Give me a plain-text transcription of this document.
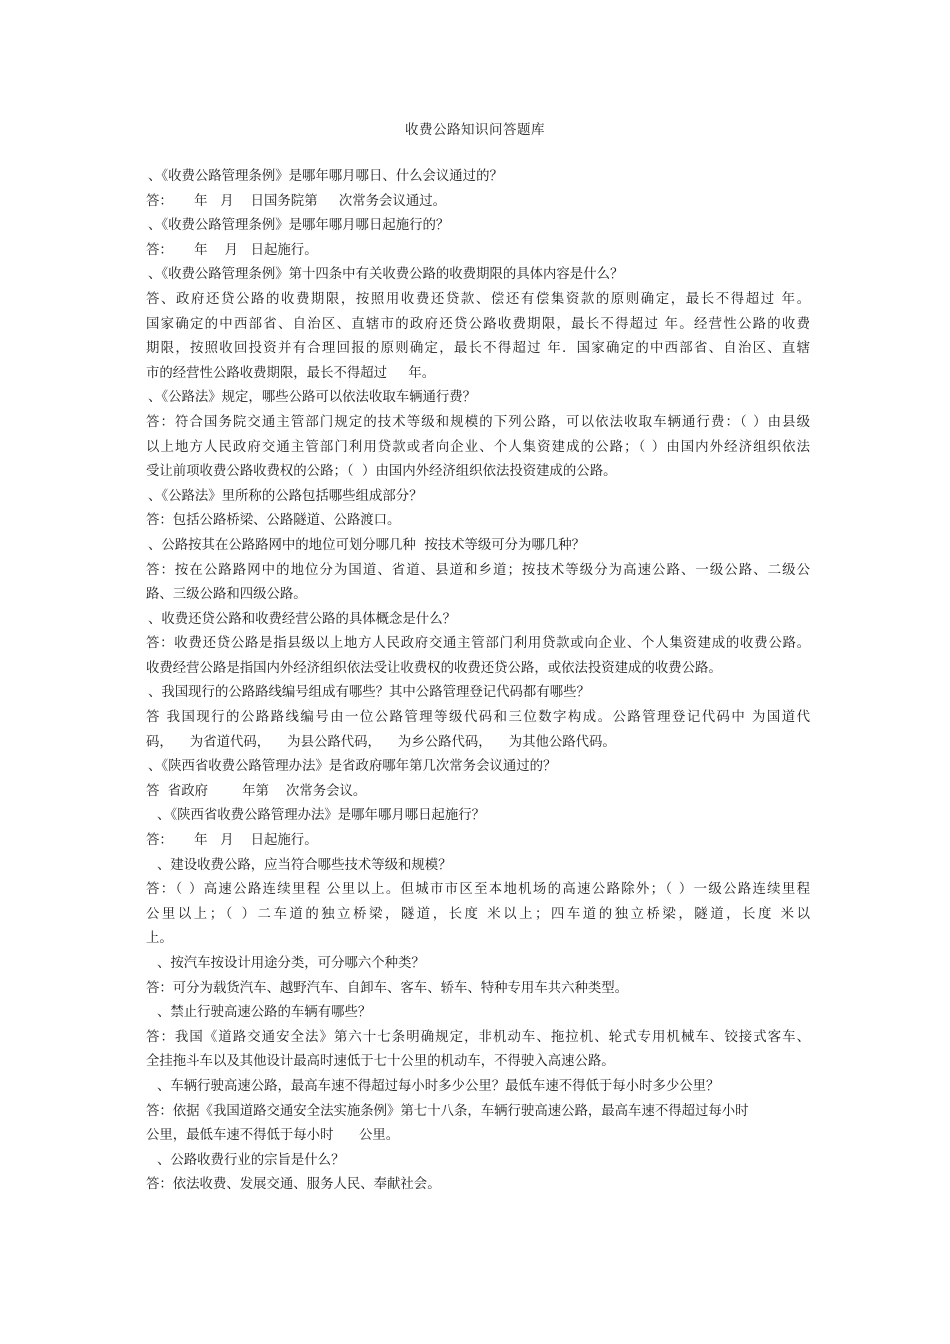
收费公路知识问答题库
、《收费公路管理条例》是哪年哪月哪日、什么会议通过的？
答：     年   月    日国务院第     次常务会议通过。
、《收费公路管理条例》是哪年哪月哪日起施行的？
答：     年    月   日起施行。
、《收费公路管理条例》第十四条中有关收费公路的收费期限的具体内容是什么？
答、政府还贷公路的收费期限，按照用收费还贷款、偿还有偿集资款的原则确定，最长不得超过 年。
国家确定的中西部省、自治区、直辖市的政府还贷公路收费期限，最长不得超过 年。经营性公路的收费
期限，按照收回投资并有合理回报的原则确定，最长不得超过 年．国家确定的中西部省、自治区、直辖
市的经营性公路收费期限，最长不得超过     年。
、《公路法》规定，哪些公路可以依法收取车辆通行费？
答：符合国务院交通主管部门规定的技术等级和规模的下列公路，可以依法收取车辆通行费：（ ）由县级
以上地方人民政府交通主管部门利用贷款或者向企业、个人集资建成的公路；（ ）由国内外经济组织依法
受让前项收费公路收费权的公路；（  ）由国内外经济组织依法投资建成的公路。
、《公路法》里所称的公路包括哪些组成部分？
答：包括公路桥梁、公路隧道、公路渡口。
、公路按其在公路路网中的地位可划分哪几种  按技术等级可分为哪几种？
答：按在公路路网中的地位分为国道、省道、县道和乡道；按技术等级分为高速公路、一级公路、二级公
路、三级公路和四级公路。
、收费还贷公路和收费经营公路的具体概念是什么？
答：收费还贷公路是指县级以上地方人民政府交通主管部门利用贷款或向企业、个人集资建成的收费公路。
收费经营公路是指国内外经济组织依法受让收费权的收费还贷公路，或依法投资建成的收费公路。
、我国现行的公路路线编号组成有哪些？其中公路管理登记代码都有哪些？
答 我国现行的公路路线编号由一位公路管理等级代码和三位数字构成。公路管理登记代码中 为国道代
码，    为省道代码，    为县公路代码，    为乡公路代码，    为其他公路代码。
、《陕西省收费公路管理办法》是省政府哪年第几次常务会议通过的？
答  省政府        年第    次常务会议。
、《陕西省收费公路管理办法》是哪年哪月哪日起施行？
答：     年   月    日起施行。
、建设收费公路，应当符合哪些技术等级和规模？
答：（ ）高速公路连续里程 公里以上。但城市市区至本地机场的高速公路除外；（ ）一级公路连续里程
公里以上；（ ）二车道的独立桥梁，隧道，长度 米以上；四车道的独立桥梁，隧道，长度 米以
上。
、按汽车按设计用途分类，可分哪六个种类？
答：可分为载货汽车、越野汽车、自卸车、客车、轿车、特种专用车共六种类型。
、禁止行驶高速公路的车辆有哪些？
答：我国《道路交通安全法》第六十七条明确规定，非机动车、拖拉机、轮式专用机械车、铰接式客车、
全挂拖斗车以及其他设计最高时速低于七十公里的机动车，不得驶入高速公路。
、车辆行驶高速公路，最高车速不得超过每小时多少公里？最低车速不得低于每小时多少公里？
答：依据《我国道路交通安全法实施条例》第七十八条，车辆行驶高速公路，最高车速不得超过每小时
公里，最低车速不得低于每小时      公里。
、公路收费行业的宗旨是什么？
答：依法收费、发展交通、服务人民、奉献社会。
